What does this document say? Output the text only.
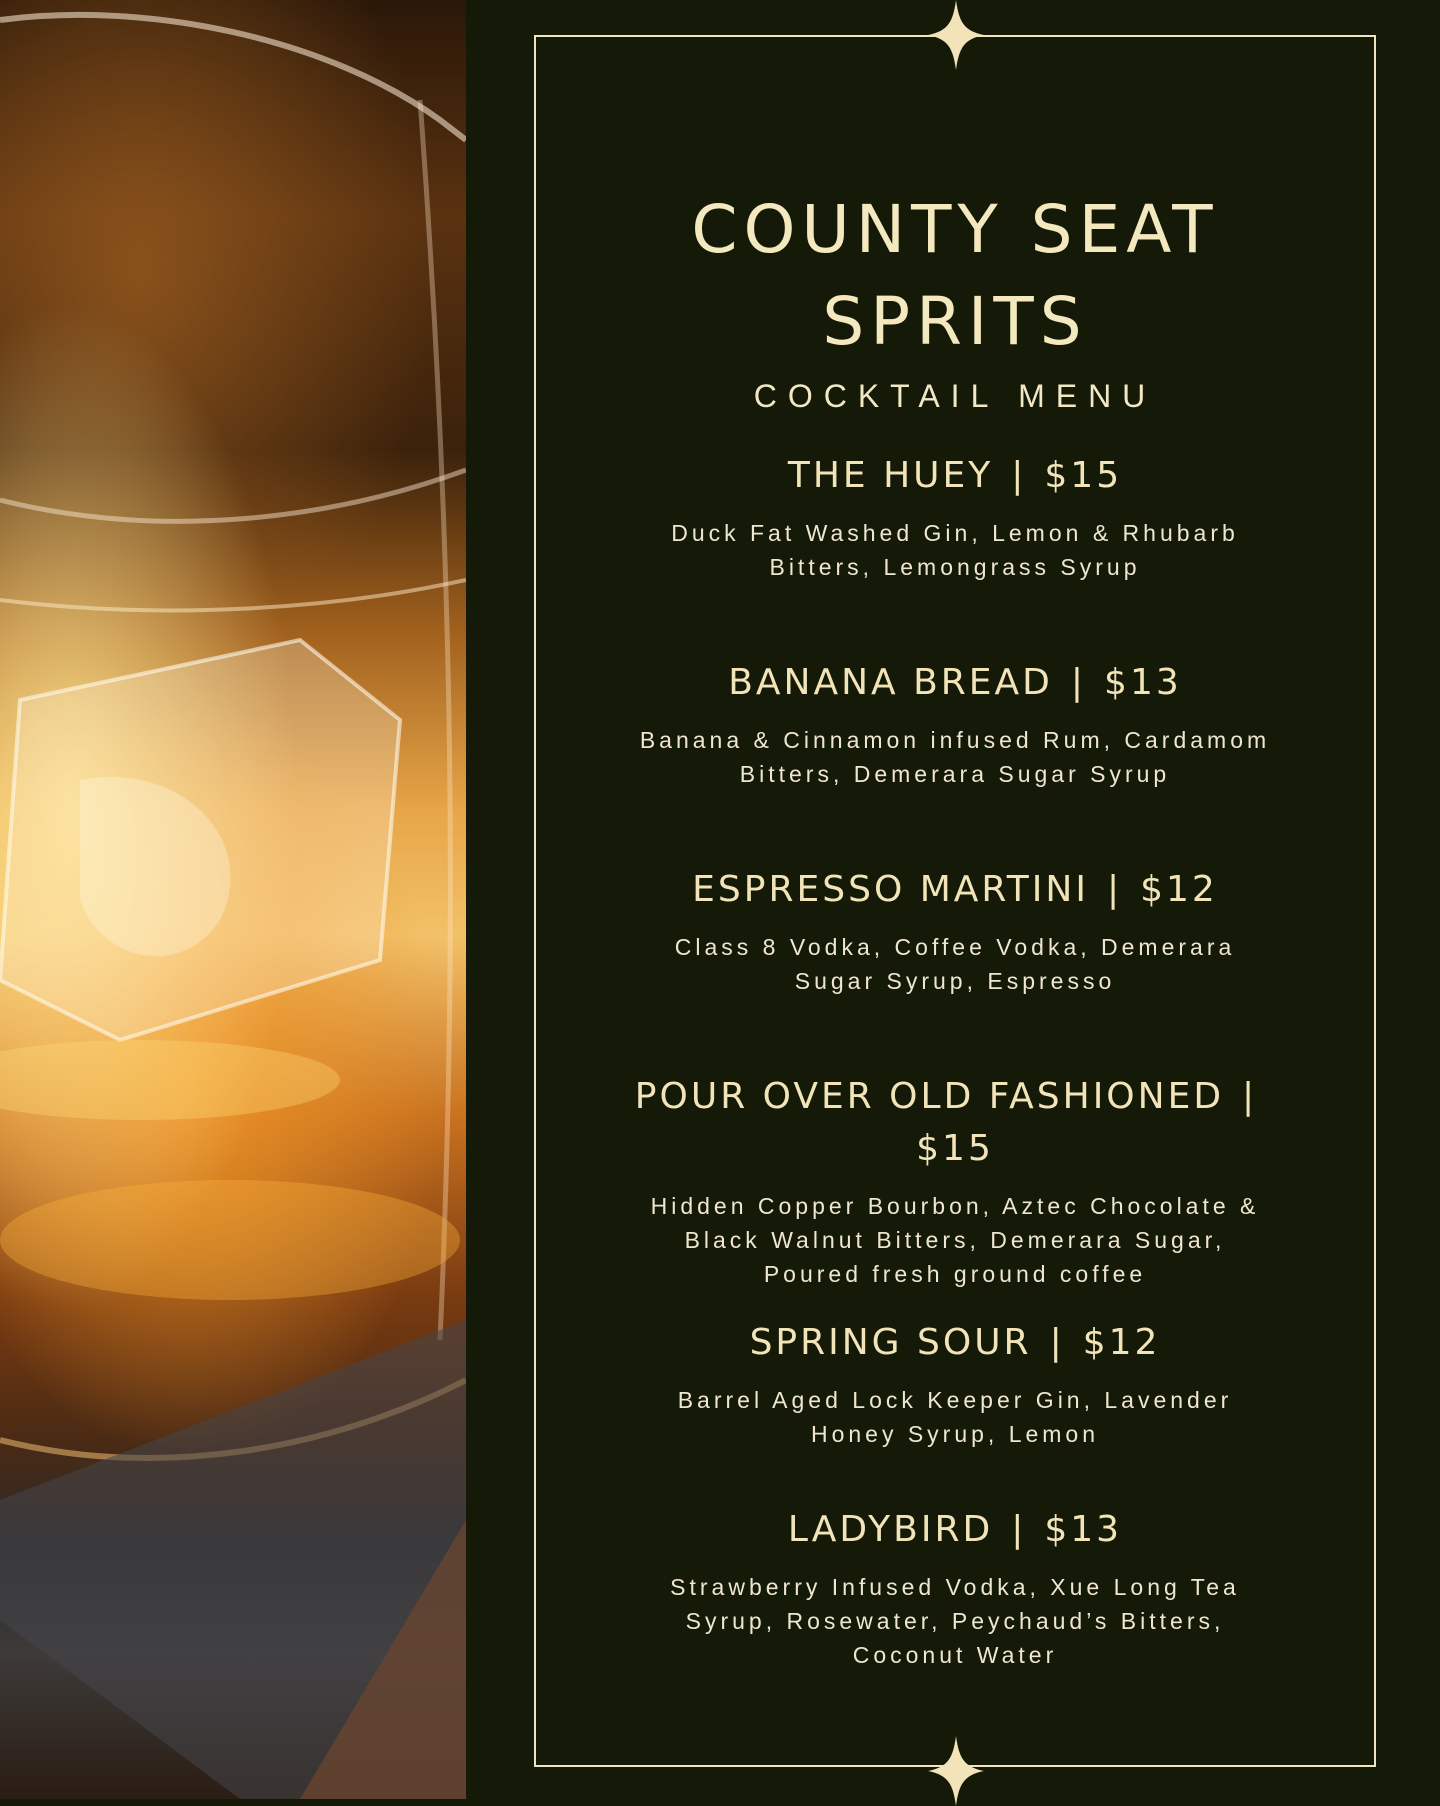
COUNTY SEAT
SPRITS
COCKTAIL MENU
THE HUEY | $15
Duck Fat Washed Gin, Lemon & Rhubarb
Bitters, Lemongrass Syrup
BANANA BREAD | $13
Banana & Cinnamon infused Rum, Cardamom
Bitters, Demerara Sugar Syrup
ESPRESSO MARTINI | $12
Class 8 Vodka, Coffee Vodka, Demerara
Sugar Syrup, Espresso
POUR OVER OLD FASHIONED |
$15
Hidden Copper Bourbon, Aztec Chocolate &
Black Walnut Bitters, Demerara Sugar,
Poured fresh ground coffee
SPRING SOUR | $12
Barrel Aged Lock Keeper Gin, Lavender
Honey Syrup, Lemon
LADYBIRD | $13
Strawberry Infused Vodka, Xue Long Tea
Syrup, Rosewater, Peychaud’s Bitters,
Coconut Water
